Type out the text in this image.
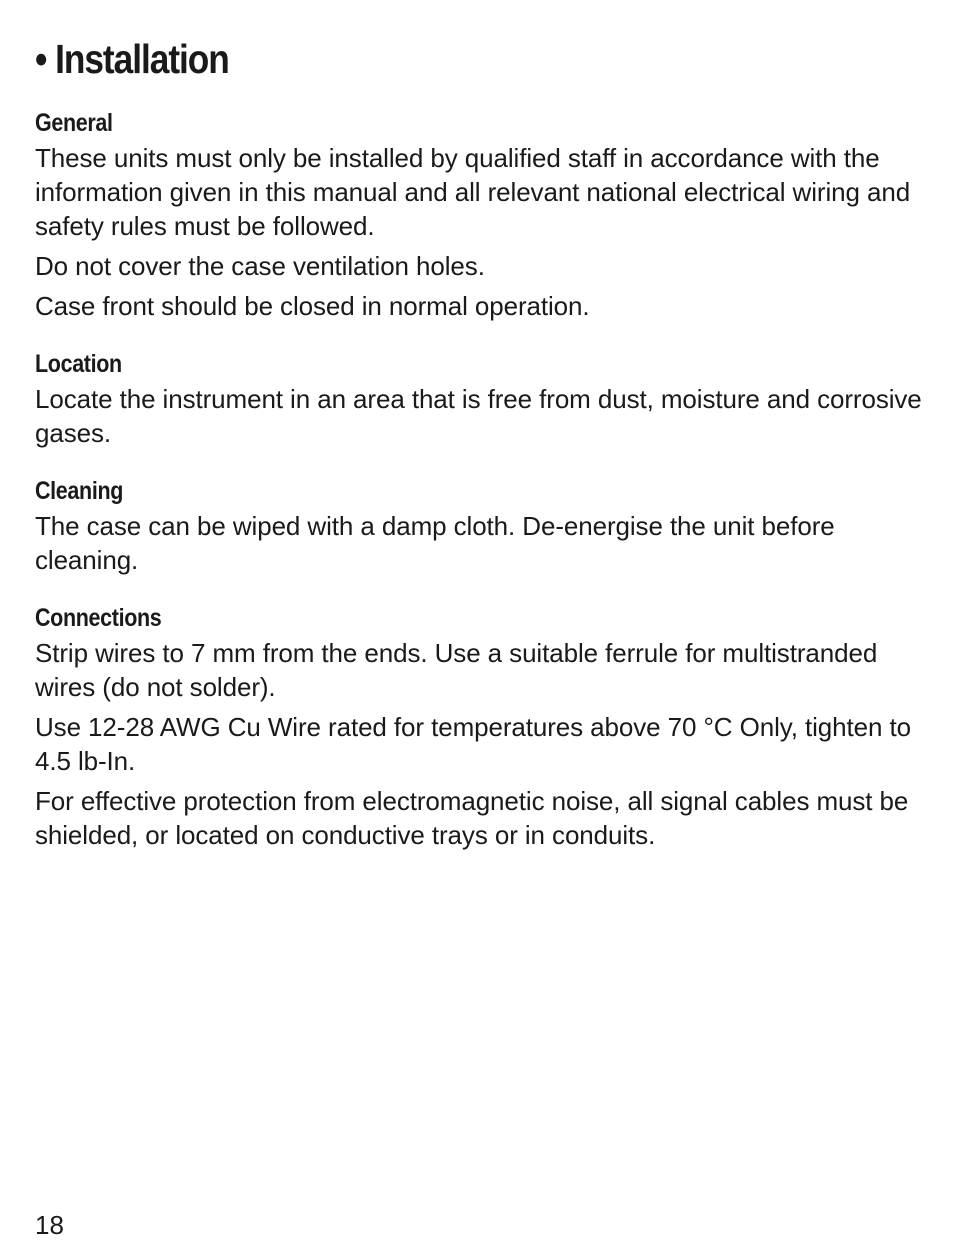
• Installation
General

These units must only be installed by qualified staff in accordance with the information given in this manual and all relevant national electrical wiring and safety rules must be followed.

Do not cover the case ventilation holes.

Case front should be closed in normal operation.

Location

Locate the instrument in an area that is free from dust, moisture and corrosive gases.

Cleaning

The case can be wiped with a damp cloth. De-energise the unit before cleaning.

Connections

Strip wires to 7 mm from the ends. Use a suitable ferrule for multistranded wires (do not solder).

Use 12-28 AWG Cu Wire rated for temperatures above 70 °C Only, tighten to 4.5 lb-In.

For effective protection from electromagnetic noise, all signal cables must be shielded, or located on conductive trays or in conduits.

18
